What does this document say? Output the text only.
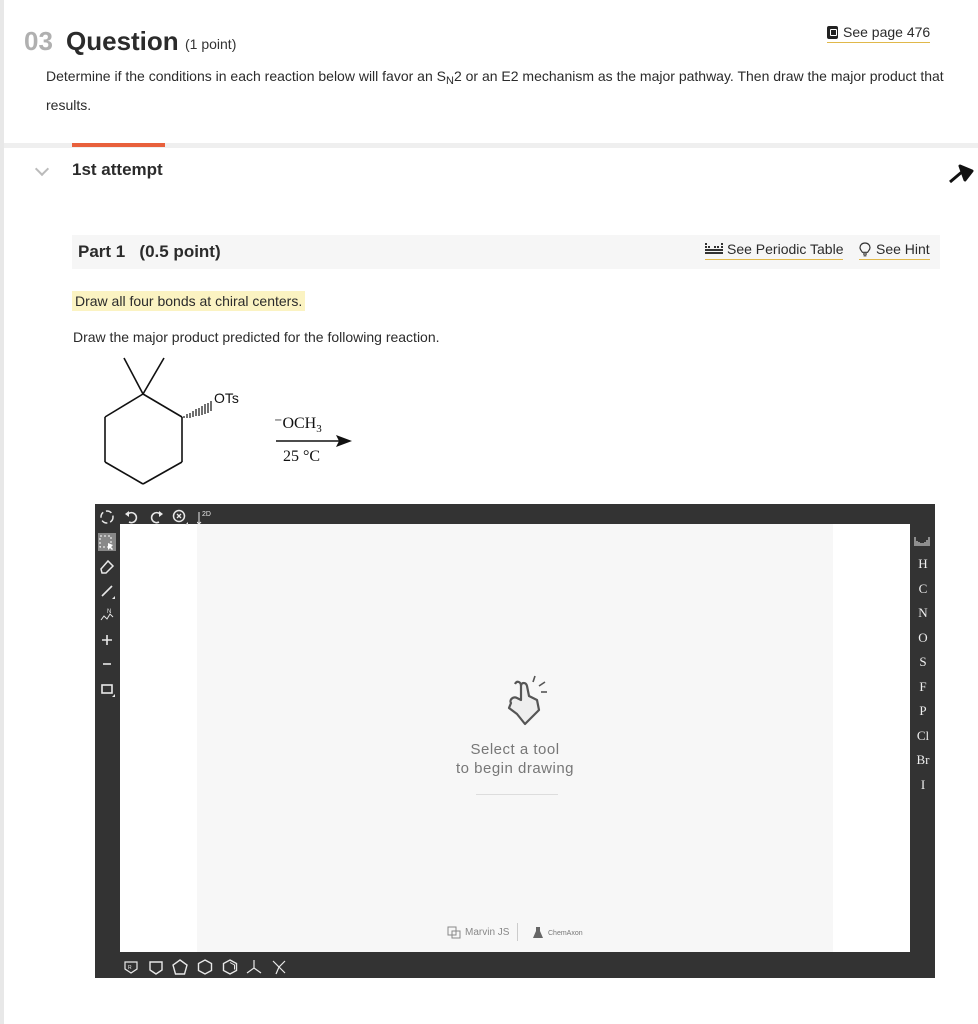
03 Question (1 point)
See page 476
Determine if the conditions in each reaction below will favor an $S_N2$ or an E2 mechanism as the major pathway. Then draw the major product that results.
1st attempt
Part 1   (0.5 point)	See Periodic Table See Hint
Draw all four bonds at chiral centers.
Draw the major product predicted for the following reaction.
OTs
$^-OCH_3$
25 °C
2D
N
H
C
N
O
S
F
P
Cl
Br
I
R
Select a tool
to begin drawing
Marvin JS	ChemAxon
